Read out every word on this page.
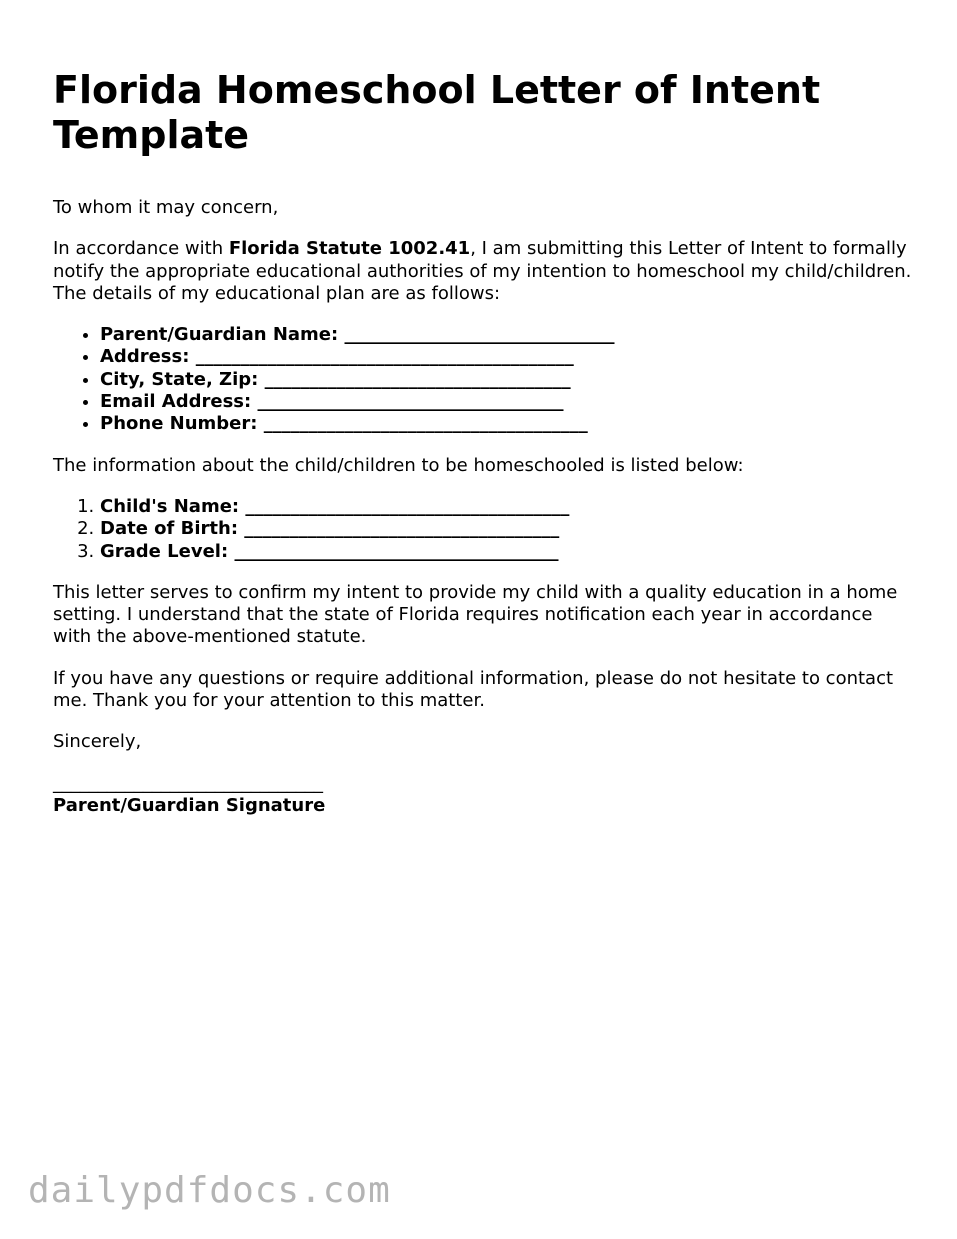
Florida Homeschool Letter of Intent Template

To whom it may concern,

In accordance with Florida Statute 1002.41, I am submitting this Letter of Intent to formally notify the appropriate educational authorities of my intention to homeschool my child/children. The details of my educational plan are as follows:

• Parent/Guardian Name: ______________________________
• Address: __________________________________________
• City, State, Zip: __________________________________
• Email Address: __________________________________
• Phone Number: ____________________________________

The information about the child/children to be homeschooled is listed below:

1. Child's Name: ____________________________________
2. Date of Birth: ___________________________________
3. Grade Level: ____________________________________

This letter serves to confirm my intent to provide my child with a quality education in a home setting. I understand that the state of Florida requires notification each year in accordance with the above-mentioned statute.

If you have any questions or require additional information, please do not hesitate to contact me. Thank you for your attention to this matter.

Sincerely,

______________________________
Parent/Guardian Signature
dailypdfdocs.com
